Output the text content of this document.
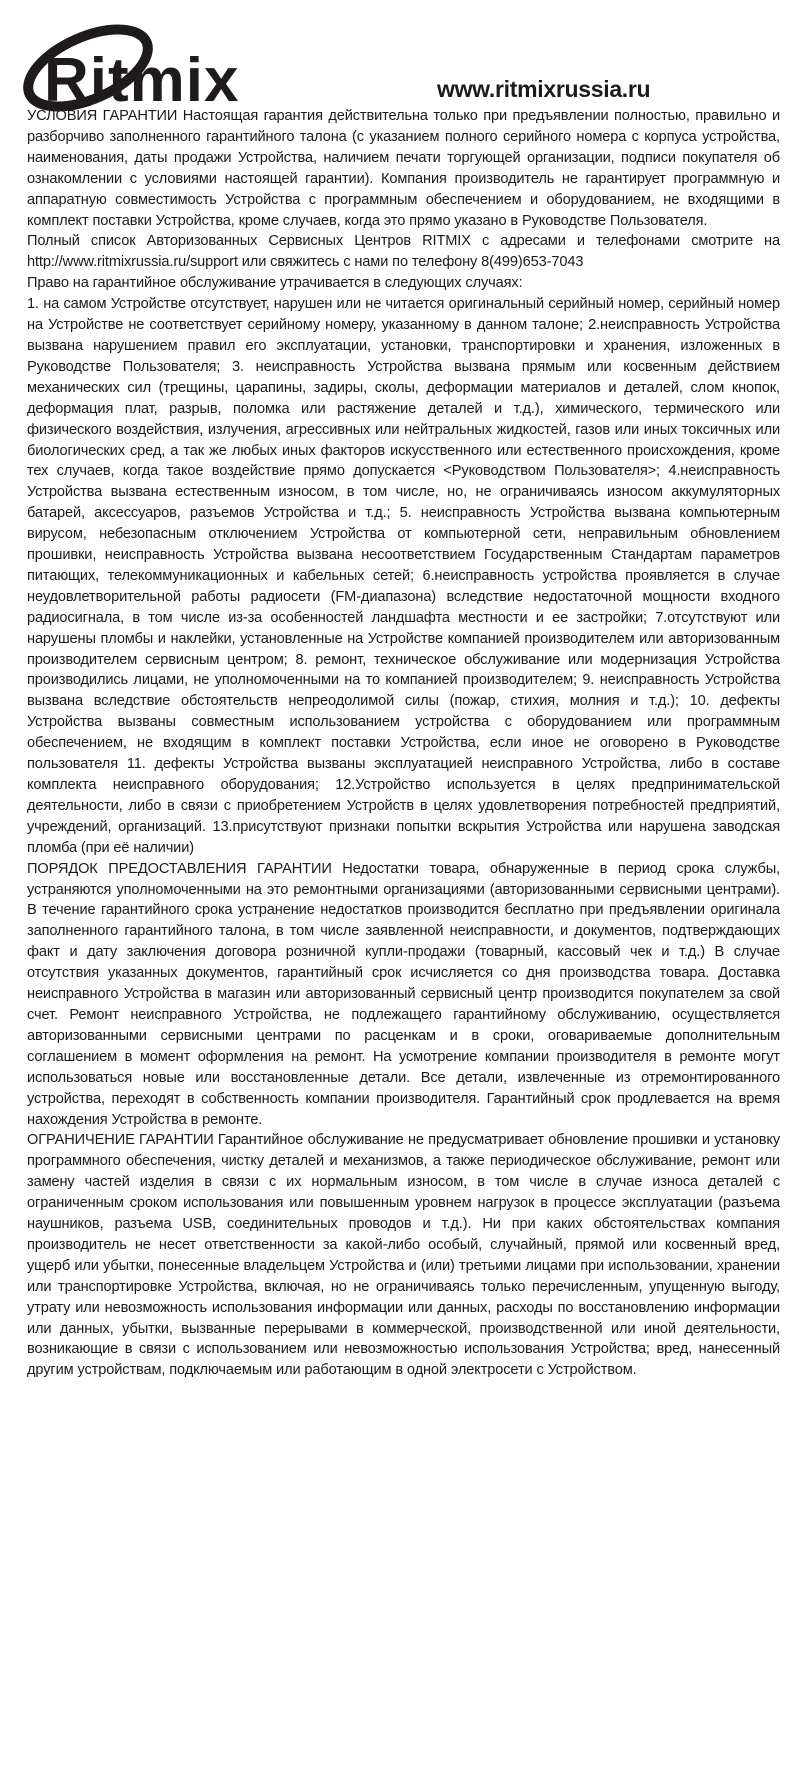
Ritmix	www.ritmixrussia.ru

УСЛОВИЯ ГАРАНТИИ Настоящая гарантия действительна только при предъявлении полностью, правильно и разборчиво заполненного гарантийного талона (с указанием полного серийного номера с корпуса устройства, наименования, даты продажи Устройства, наличием печати торгующей организации, подписи покупателя об ознакомлении с условиями настоящей гарантии). Компания производитель не гарантирует программную и аппаратную совместимость Устройства с программным обеспечением и оборудованием, не входящими в комплект поставки Устройства, кроме случаев, когда это прямо указано в Руководстве Пользователя.

Полный список Авторизованных Сервисных Центров RITMIX с адресами и телефонами смотрите на http://www.ritmixrussia.ru/support или свяжитесь с нами по телефону 8(499)653-7043

Право на гарантийное обслуживание утрачивается в следующих случаях:

1. на самом Устройстве отсутствует, нарушен или не читается оригинальный серийный номер, серийный номер на Устройстве не соответствует серийному номеру, указанному в данном талоне; 2.неисправность Устройства вызвана нарушением правил его эксплуатации, установки, транспортировки и хранения, изложенных в Руководстве Пользователя; 3. неисправность Устройства вызвана прямым или косвенным действием механических сил (трещины, царапины, задиры, сколы, деформации материалов и деталей, слом кнопок, деформация плат, разрыв, поломка или растяжение деталей и т.д.), химического, термического или физического воздействия, излучения, агрессивных или нейтральных жидкостей, газов или иных токсичных или биологических сред, а так же любых иных факторов искусственного или естественного происхождения, кроме тех случаев, когда такое воздействие прямо допускается <Руководством Пользователя>; 4.неисправность Устройства вызвана естественным износом, в том числе, но, не ограничиваясь износом аккумуляторных батарей, аксессуаров, разъемов Устройства и т.д.; 5. неисправность Устройства вызвана компьютерным вирусом, небезопасным отключением Устройства от компьютерной сети, неправильным обновлением прошивки, неисправность Устройства вызвана несоответствием Государственным Стандартам параметров питающих, телекоммуникационных и кабельных сетей; 6.неисправность устройства проявляется в случае неудовлетворительной работы радиосети (FM-диапазона) вследствие недостаточной мощности входного радиосигнала, в том числе из-за особенностей ландшафта местности и ее застройки; 7.отсутствуют или нарушены пломбы и наклейки, установленные на Устройстве компанией производителем или авторизованным производителем сервисным центром; 8. ремонт, техническое обслуживание или модернизация Устройства производились лицами, не уполномоченными на то компанией производителем; 9. неисправность Устройства вызвана вследствие обстоятельств непреодолимой силы (пожар, стихия, молния и т.д.); 10. дефекты Устройства вызваны совместным использованием устройства с оборудованием или программным обеспечением, не входящим в комплект поставки Устройства, если иное не оговорено в Руководстве пользователя 11. дефекты Устройства вызваны эксплуатацией неисправного Устройства, либо в составе комплекта неисправного оборудования; 12.Устройство используется в целях предпринимательской деятельности, либо в связи с приобретением Устройств в целях удовлетворения потребностей предприятий, учреждений, организаций. 13.присутствуют признаки попытки вскрытия Устройства или нарушена заводская пломба (при её наличии)

ПОРЯДОК ПРЕДОСТАВЛЕНИЯ ГАРАНТИИ Недостатки товара, обнаруженные в период срока службы, устраняются уполномоченными на это ремонтными организациями (авторизованными сервисными центрами). В течение гарантийного срока устранение недостатков производится бесплатно при предъявлении оригинала заполненного гарантийного талона, в том числе заявленной неисправности, и документов, подтверждающих факт и дату заключения договора розничной купли-продажи (товарный, кассовый чек и т.д.) В случае отсутствия указанных документов, гарантийный срок исчисляется со дня производства товара. Доставка неисправного Устройства в магазин или авторизованный сервисный центр производится покупателем за свой счет. Ремонт неисправного Устройства, не подлежащего гарантийному обслуживанию, осуществляется авторизованными сервисными центрами по расценкам и в сроки, оговариваемые дополнительным соглашением в момент оформления на ремонт. На усмотрение компании производителя в ремонте могут использоваться новые или восстановленные детали. Все детали, извлеченные из отремонтированного устройства, переходят в собственность компании производителя. Гарантийный срок продлевается на время нахождения Устройства в ремонте.

ОГРАНИЧЕНИЕ ГАРАНТИИ Гарантийное обслуживание не предусматривает обновление прошивки и установку программного обеспечения, чистку деталей и механизмов, а также периодическое обслуживание, ремонт или замену частей изделия в связи с их нормальным износом, в том числе в случае износа деталей с ограниченным сроком использования или повышенным уровнем нагрузок в процессе эксплуатации (разъема наушников, разъема USB, соединительных проводов и т.д.). Ни при каких обстоятельствах компания производитель не несет ответственности за какой-либо особый, случайный, прямой или косвенный вред, ущерб или убытки, понесенные владельцем Устройства и (или) третьими лицами при использовании, хранении или транспортировке Устройства, включая, но не ограничиваясь только перечисленным, упущенную выгоду, утрату или невозможность использования информации или данных, расходы по восстановлению информации или данных, убытки, вызванные перерывами в коммерческой, производственной или иной деятельности, возникающие в связи с использованием или невозможностью использования Устройства; вред, нанесенный другим устройствам, подключаемым или работающим в одной электросети с Устройством.
